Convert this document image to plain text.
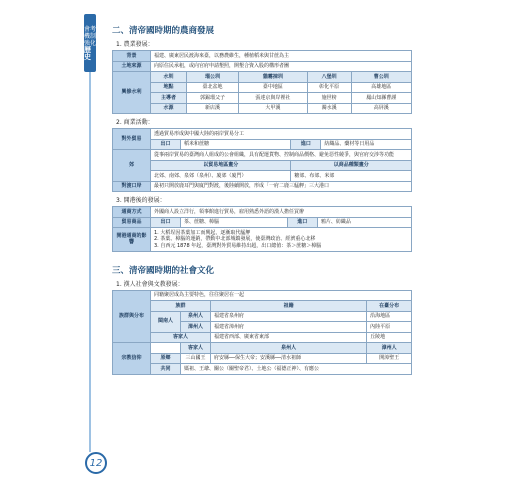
會考
機制
強化
歷史
12
二、清帝國時期的農商發展
1. 農業發展：
背景	福建、廣東居民渡海來臺，以務農維生，種植稻米與甘蔗為主				
土地來源	向原住民承租，或向官府申請墾照，開墾合資入股的構形者團				
興修水利	水圳	瑠公圳	貓霧捒圳	八堡圳	曹公圳
	地點	臺北盆地	臺中地區	彰化平原	高雄地區
	主導者	郭錫瑠父子	張達京與岸裡社	施世榜	鳳山知縣曹謹
	水源	新店溪	大甲溪	濁水溪	高屏溪
2. 商業活動：
對外貿易	透過貿易形成與中國大陸的兩岸貿易分工			
	出口	稻米和蔗糖	進口	紡織品、藥材等日用品
郊	從事兩岸貿易的臺灣商人組成的公會組織，具有配運貨物、控制商品價格、避免惡性競爭，與官府交涉等功能			
	以貿易地區畫分		以商品種類畫分	
	北郊、南郊、泉郊（泉州）、廈郊（廈門）		糖郊、布郊、米郊	
對渡口岸	最初只開放鹿耳門與廈門對渡，後陸續開放，形成「一府二鹿三艋舺」三大港口			
3. 開港後的發展：
通商方式	外國商人設立洋行，領事館進行貿易，雇用熟悉外語的漢人擔任買辦			
貿易商品	出口	茶、蔗糖、樟腦	進口	鴉片、紡織品
開港通商的影響	1. 大稻埕因茶葉加工而興起，逐漸取代艋舺
2. 茶葉、樟腦的運銷，帶動中北部城鎮發展，使臺灣政治、經濟重心北移
3. 自西元 1878 年起，臺灣對外貿易維持出超，出口總值：茶＞蔗糖＞樟腦			
三、清帝國時期的社會文化
1. 漢人社會與文教發展：
族群與分布	同籍聚居成為主要特色，往往聚居在一起			
	族群		祖籍	在臺分布
	閩南人	泉州人	福建省泉州府	沿海地區
		漳州人	福建省漳州府	內陸平原
	客家人		福建省西部、廣東省東部	丘陵地
宗教信仰		客家人	泉州人	漳州人
	原鄉	三山國王	府安縣──保生大帝；安溪縣──清水祖師	開漳聖王
	共同	媽祖、王爺、關公（關聖帝君）、土地公（福德正神）、有應公		
